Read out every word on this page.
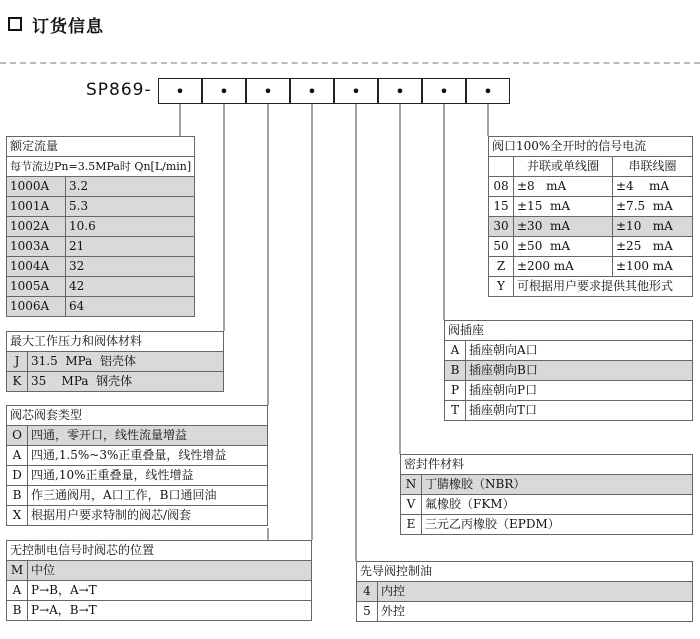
订货信息
SP869-	•	•	•	•	•	•	•	•
额定流量	
每节流边Pn=3.5MPa时 Qn[L/min]	
1000A	3.2
1001A	5.3
1002A	10.6
1003A	21
1004A	32
1005A	42
1006A	64
最大工作压力和阀体材料	
J	31.5  MPa  铝壳体
K	35    MPa  钢壳体
阀芯阀套类型	
O	四通，零开口，线性流量增益
A	四通,1.5%~3%正重叠量，线性增益
D	四通,10%正重叠量，线性增益
B	作三通阀用，A口工作，B口通回油
X	根据用户要求特制的阀芯/阀套
无控制电信号时阀芯的位置	
M	中位
A	P→B，A→T
B	P→A，B→T
阀口100%全开时的信号电流		
	并联或单线圈	串联线圈
08	±8   mA	±4    mA
15	±15  mA	±7.5  mA
30	±30  mA	±10   mA
50	±50  mA	±25   mA
Z	±200 mA	±100 mA
Y	可根据用户要求提供其他形式	
阀插座	
A	插座朝向A口
B	插座朝向B口
P	插座朝向P口
T	插座朝向T口
密封件材料	
N	丁腈橡胶（NBR）
V	氟橡胶（FKM）
E	三元乙丙橡胶（EPDM）
先导阀控制油	
4	内控
5	外控
